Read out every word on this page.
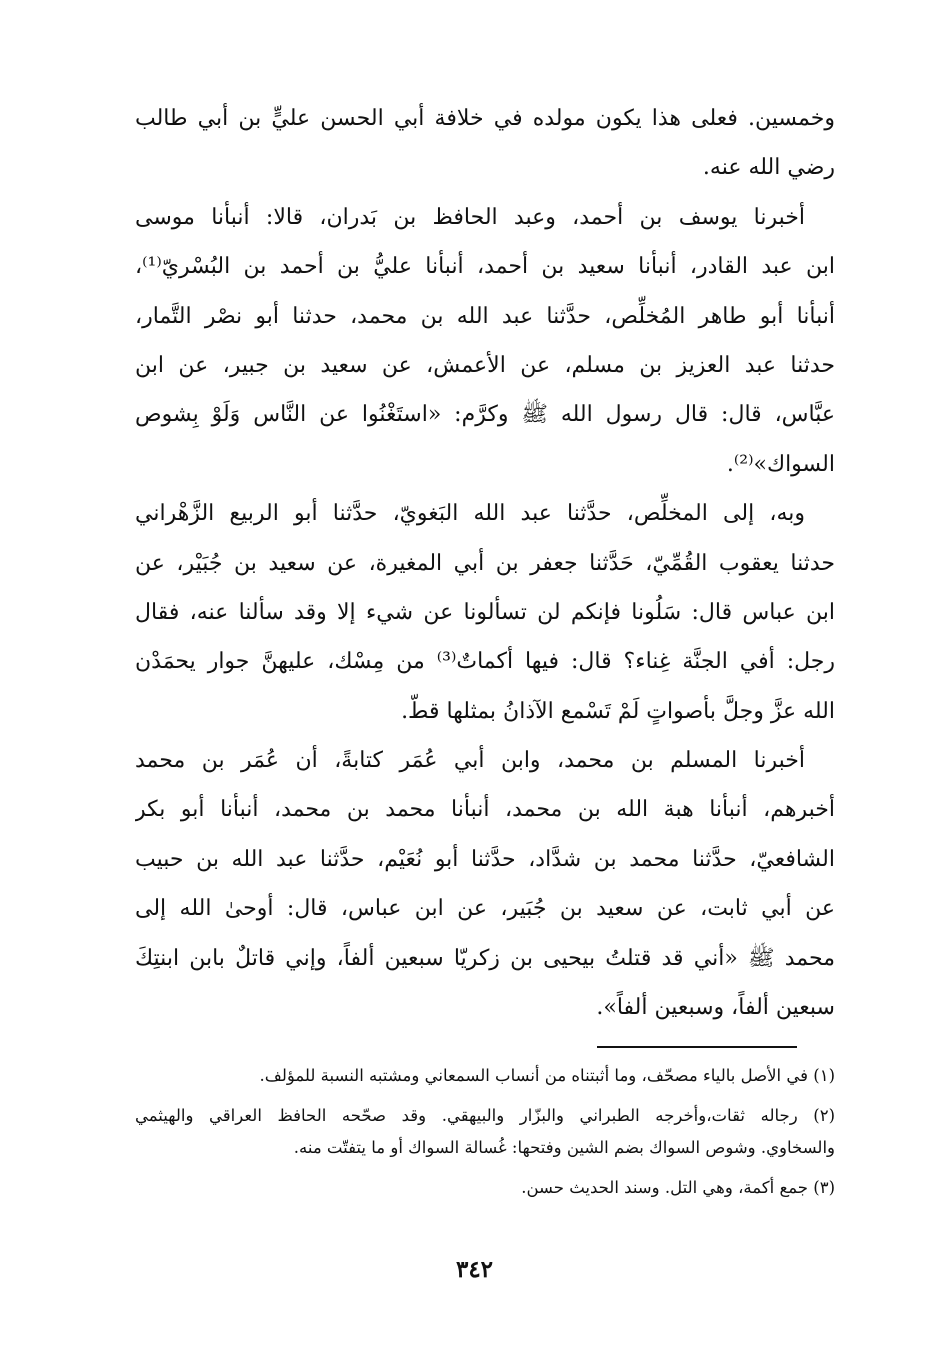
وخمسين. فعلى هذا يكون مولده في خلافة أبي الحسن عليٍّ بن أبي طالب
رضي الله عنه.

أخبرنا يوسف بن أحمد، وعبد الحافظ بن بَدران، قالا: أنبأنا موسى
ابن عبد القادر، أنبأنا سعيد بن أحمد، أنبأنا عليُّ بن أحمد بن البُسْريّ⁽¹⁾،
أنبأنا أبو طاهر المُخلِّص، حدَّثنا عبد الله بن محمد، حدثنا أبو نصْر التَّمار،
حدثنا عبد العزيز بن مسلم، عن الأعمش، عن سعيد بن جبير، عن ابن
عبَّاس، قال: قال رسول الله ﷺ وكرَّم: «استَغْنُوا عن النَّاس وَلَوْ بِشوص
السواك»⁽²⁾.

وبه، إلى المخلِّص، حدَّثنا عبد الله البَغويّ، حدَّثنا أبو الربيع الزَّهْراني
حدثنا يعقوب القُمِّيّ، حَدَّثنا جعفر بن أبي المغيرة، عن سعيد بن جُبَيْر، عن
ابن عباس قال: سَلُونا فإنكم لن تسألونا عن شيء إلا وقد سألنا عنه، فقال
رجل: أفي الجنَّة غِناء؟ قال: فيها أكماتٌ⁽³⁾ من مِسْك، عليهنَّ جوار يحمَدْن
الله عزَّ وجلَّ بأصواتٍ لَمْ تَسْمع الآذانُ بمثلها قطّ.

أخبرنا المسلم بن محمد، وابن أبي عُمَر كتابةً، أن عُمَر بن محمد
أخبرهم، أنبأنا هبة الله بن محمد، أنبأنا محمد بن محمد، أنبأنا أبو بكر
الشافعيّ، حدَّثنا محمد بن شدَّاد، حدَّثنا أبو نُعَيْم، حدَّثنا عبد الله بن حبيب
عن أبي ثابت، عن سعيد بن جُبَير، عن ابن عباس، قال: أوحىٰ الله إلى
محمد ﷺ «أني قد قتلتُ بيحيى بن زكريّا سبعين ألفاً، وإني قاتلٌ بابن ابنتِكَ
سبعين ألفاً، وسبعين ألفاً».

(١) في الأصل بالياء مصحّف، وما أثبتناه من أنساب السمعاني ومشتبه النسبة للمؤلف.
(٢) رجاله ثقات،وأخرجه الطبراني والبزّار والبيهقي. وقد صحّحه الحافظ العراقي والهيثمي
والسخاوي. وشوص السواك بضم الشين وفتحها: غُسالة السواك أو ما يتفتّت منه.
(٣) جمع أكمة، وهي التل. وسند الحديث حسن.
٣٤٢
